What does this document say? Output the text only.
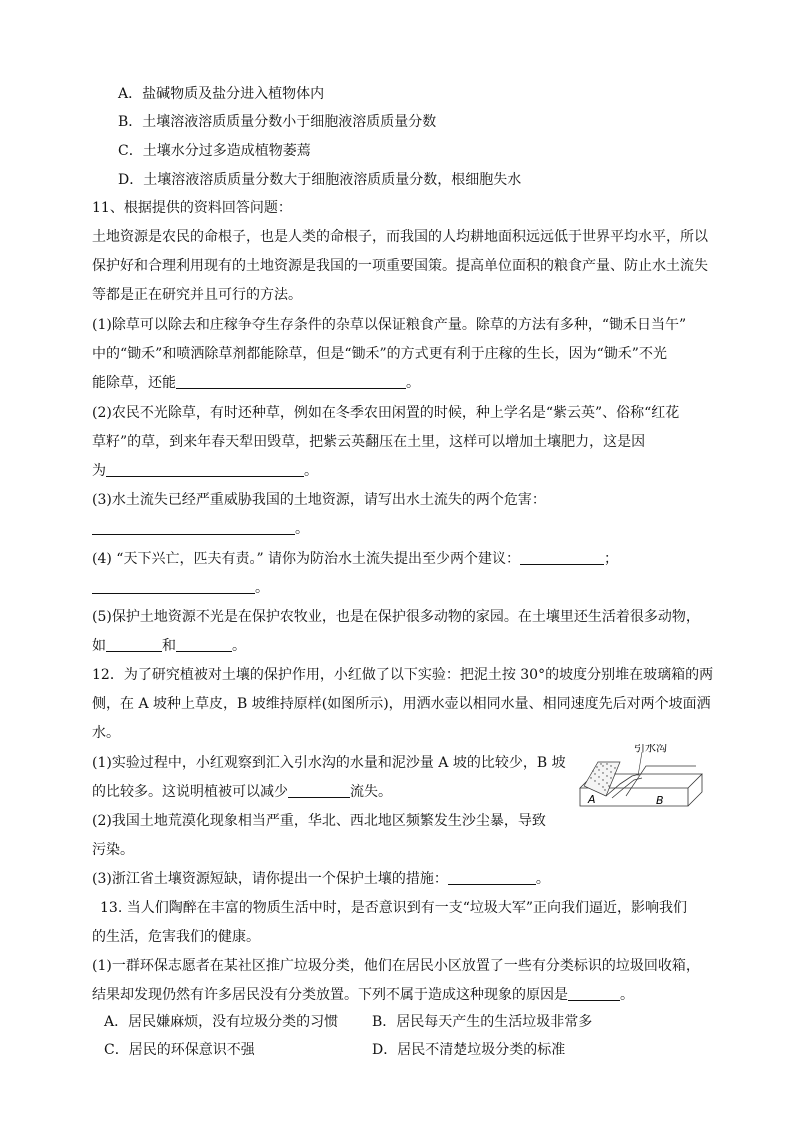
A．盐碱物质及盐分进入植物体内
B．土壤溶液溶质质量分数小于细胞液溶质质量分数
C．土壤水分过多造成植物萎蔫
D．土壤溶液溶质质量分数大于细胞液溶质质量分数，根细胞失水
11、根据提供的资料回答问题：
土地资源是农民的命根子，也是人类的命根子，而我国的人均耕地面积远远低于世界平均水平，所以
保护好和合理利用现有的土地资源是我国的一项重要国策。提高单位面积的粮食产量、防止水土流失
等都是正在研究并且可行的方法。
(1)除草可以除去和庄稼争夺生存条件的杂草以保证粮食产量。除草的方法有多种，“锄禾日当午”
中的“锄禾”和喷洒除草剂都能除草，但是“锄禾”的方式更有利于庄稼的生长，因为“锄禾”不光
能除草，还能	。
(2)农民不光除草，有时还种草，例如在冬季农田闲置的时候，种上学名是“紫云英”、俗称“红花
草籽”的草，到来年春天犁田毁草，把紫云英翻压在土里，这样可以增加土壤肥力，这是因
为	。
(3)水土流失已经严重威胁我国的土地资源，请写出水土流失的两个危害：
。
(4) “天下兴亡，匹夫有责。” 请你为防治水土流失提出至少两个建议：	；
。
(5)保护土地资源不光是在保护农牧业，也是在保护很多动物的家园。在土壤里还生活着很多动物，
如	和	。
12．为了研究植被对土壤的保护作用，小红做了以下实验：把泥土按 30°的坡度分别堆在玻璃箱的两
侧，在 A 坡种上草皮，B 坡维持原样(如图所示)，用洒水壶以相同水量、相同速度先后对两个坡面洒
水。
(1)实验过程中，小红观察到汇入引水沟的水量和泥沙量 A 坡的比较少，B 坡
的比较多。这说明植被可以减少	流失。
(2)我国土地荒漠化现象相当严重，华北、西北地区频繁发生沙尘暴，导致
污染。
(3)浙江省土壤资源短缺，请你提出一个保护土壤的措施：	。
引水沟
A	B
13. 当人们陶醉在丰富的物质生活中时，是否意识到有一支“垃圾大军”正向我们逼近，影响我们
的生活，危害我们的健康。
(1)一群环保志愿者在某社区推广垃圾分类，他们在居民小区放置了一些有分类标识的垃圾回收箱，
结果却发现仍然有许多居民没有分类放置。下列不属于造成这种现象的原因是	。
A．居民嫌麻烦，没有垃圾分类的习惯	B．居民每天产生的生活垃圾非常多
C．居民的环保意识不强	D．居民不清楚垃圾分类的标准
